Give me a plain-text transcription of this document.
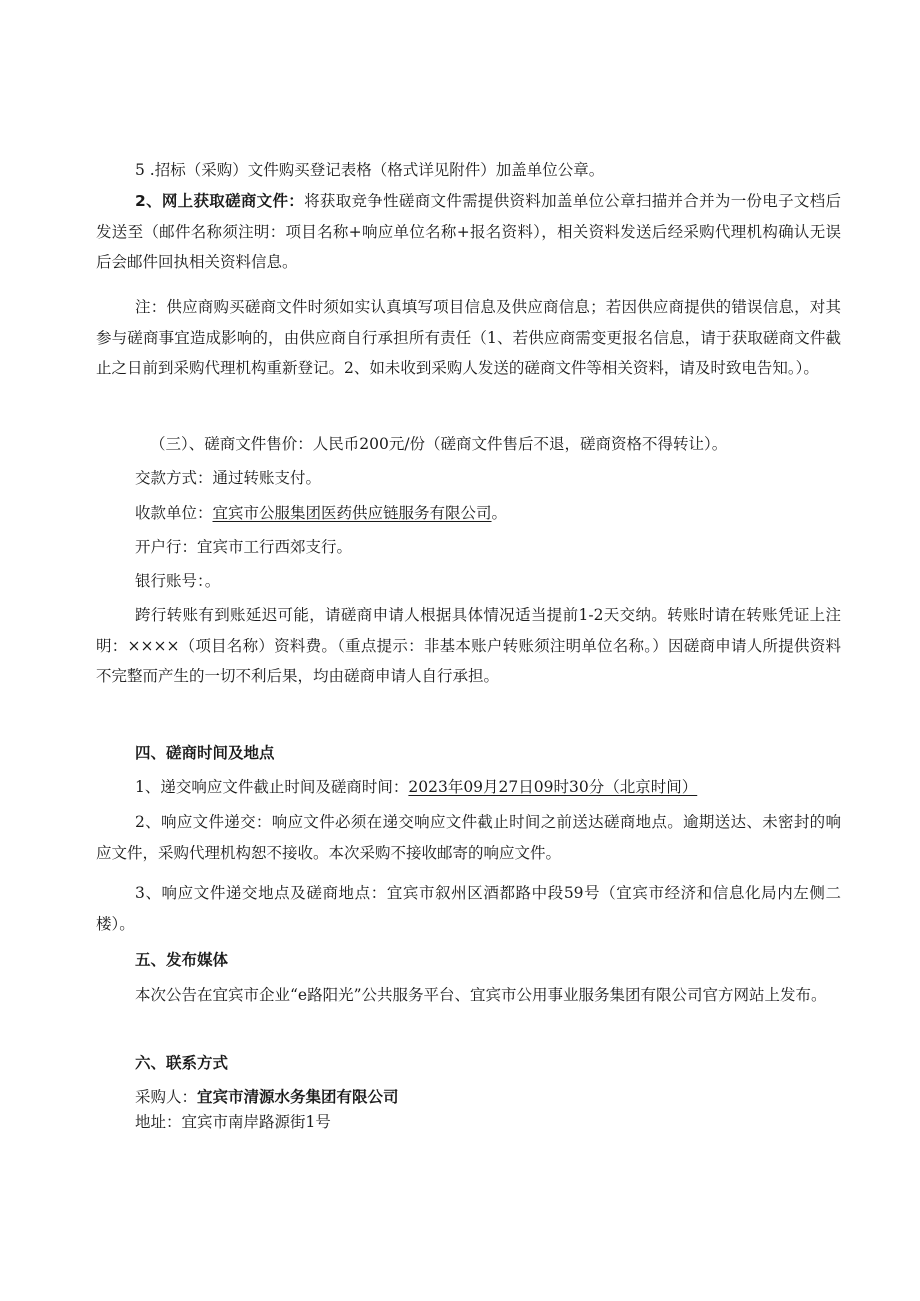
5 .招标（采购）文件购买登记表格（格式详见附件）加盖单位公章。

2、网上获取磋商文件：将获取竞争性磋商文件需提供资料加盖单位公章扫描并合并为一份电子文档后发送至（邮件名称须注明：项目名称+响应单位名称+报名资料），相关资料发送后经采购代理机构确认无误后会邮件回执相关资料信息。

注：供应商购买磋商文件时须如实认真填写项目信息及供应商信息；若因供应商提供的错误信息，对其参与磋商事宜造成影响的，由供应商自行承担所有责任（1、若供应商需变更报名信息，请于获取磋商文件截止之日前到采购代理机构重新登记。2、如未收到采购人发送的磋商文件等相关资料，请及时致电告知。）。

（三）、磋商文件售价：人民币200元/份（磋商文件售后不退，磋商资格不得转让）。

交款方式：通过转账支付。

收款单位：宜宾市公服集团医药供应链服务有限公司。

开户行：宜宾市工行西郊支行。

银行账号：。

跨行转账有到账延迟可能，请磋商申请人根据具体情况适当提前1-2天交纳。转账时请在转账凭证上注明：××××（项目名称）资料费。（重点提示：非基本账户转账须注明单位名称。）因磋商申请人所提供资料不完整而产生的一切不利后果，均由磋商申请人自行承担。

四、磋商时间及地点

1、递交响应文件截止时间及磋商时间：2023年09月27日09时30分（北京时间）

2、响应文件递交：响应文件必须在递交响应文件截止时间之前送达磋商地点。逾期送达、未密封的响应文件，采购代理机构恕不接收。本次采购不接收邮寄的响应文件。

3、响应文件递交地点及磋商地点：宜宾市叙州区酒都路中段59号（宜宾市经济和信息化局内左侧二楼）。

五、发布媒体

本次公告在宜宾市企业“e路阳光”公共服务平台、宜宾市公用事业服务集团有限公司官方网站上发布。

六、联系方式

采购人：宜宾市清源水务集团有限公司

地址：宜宾市南岸路源街1号
